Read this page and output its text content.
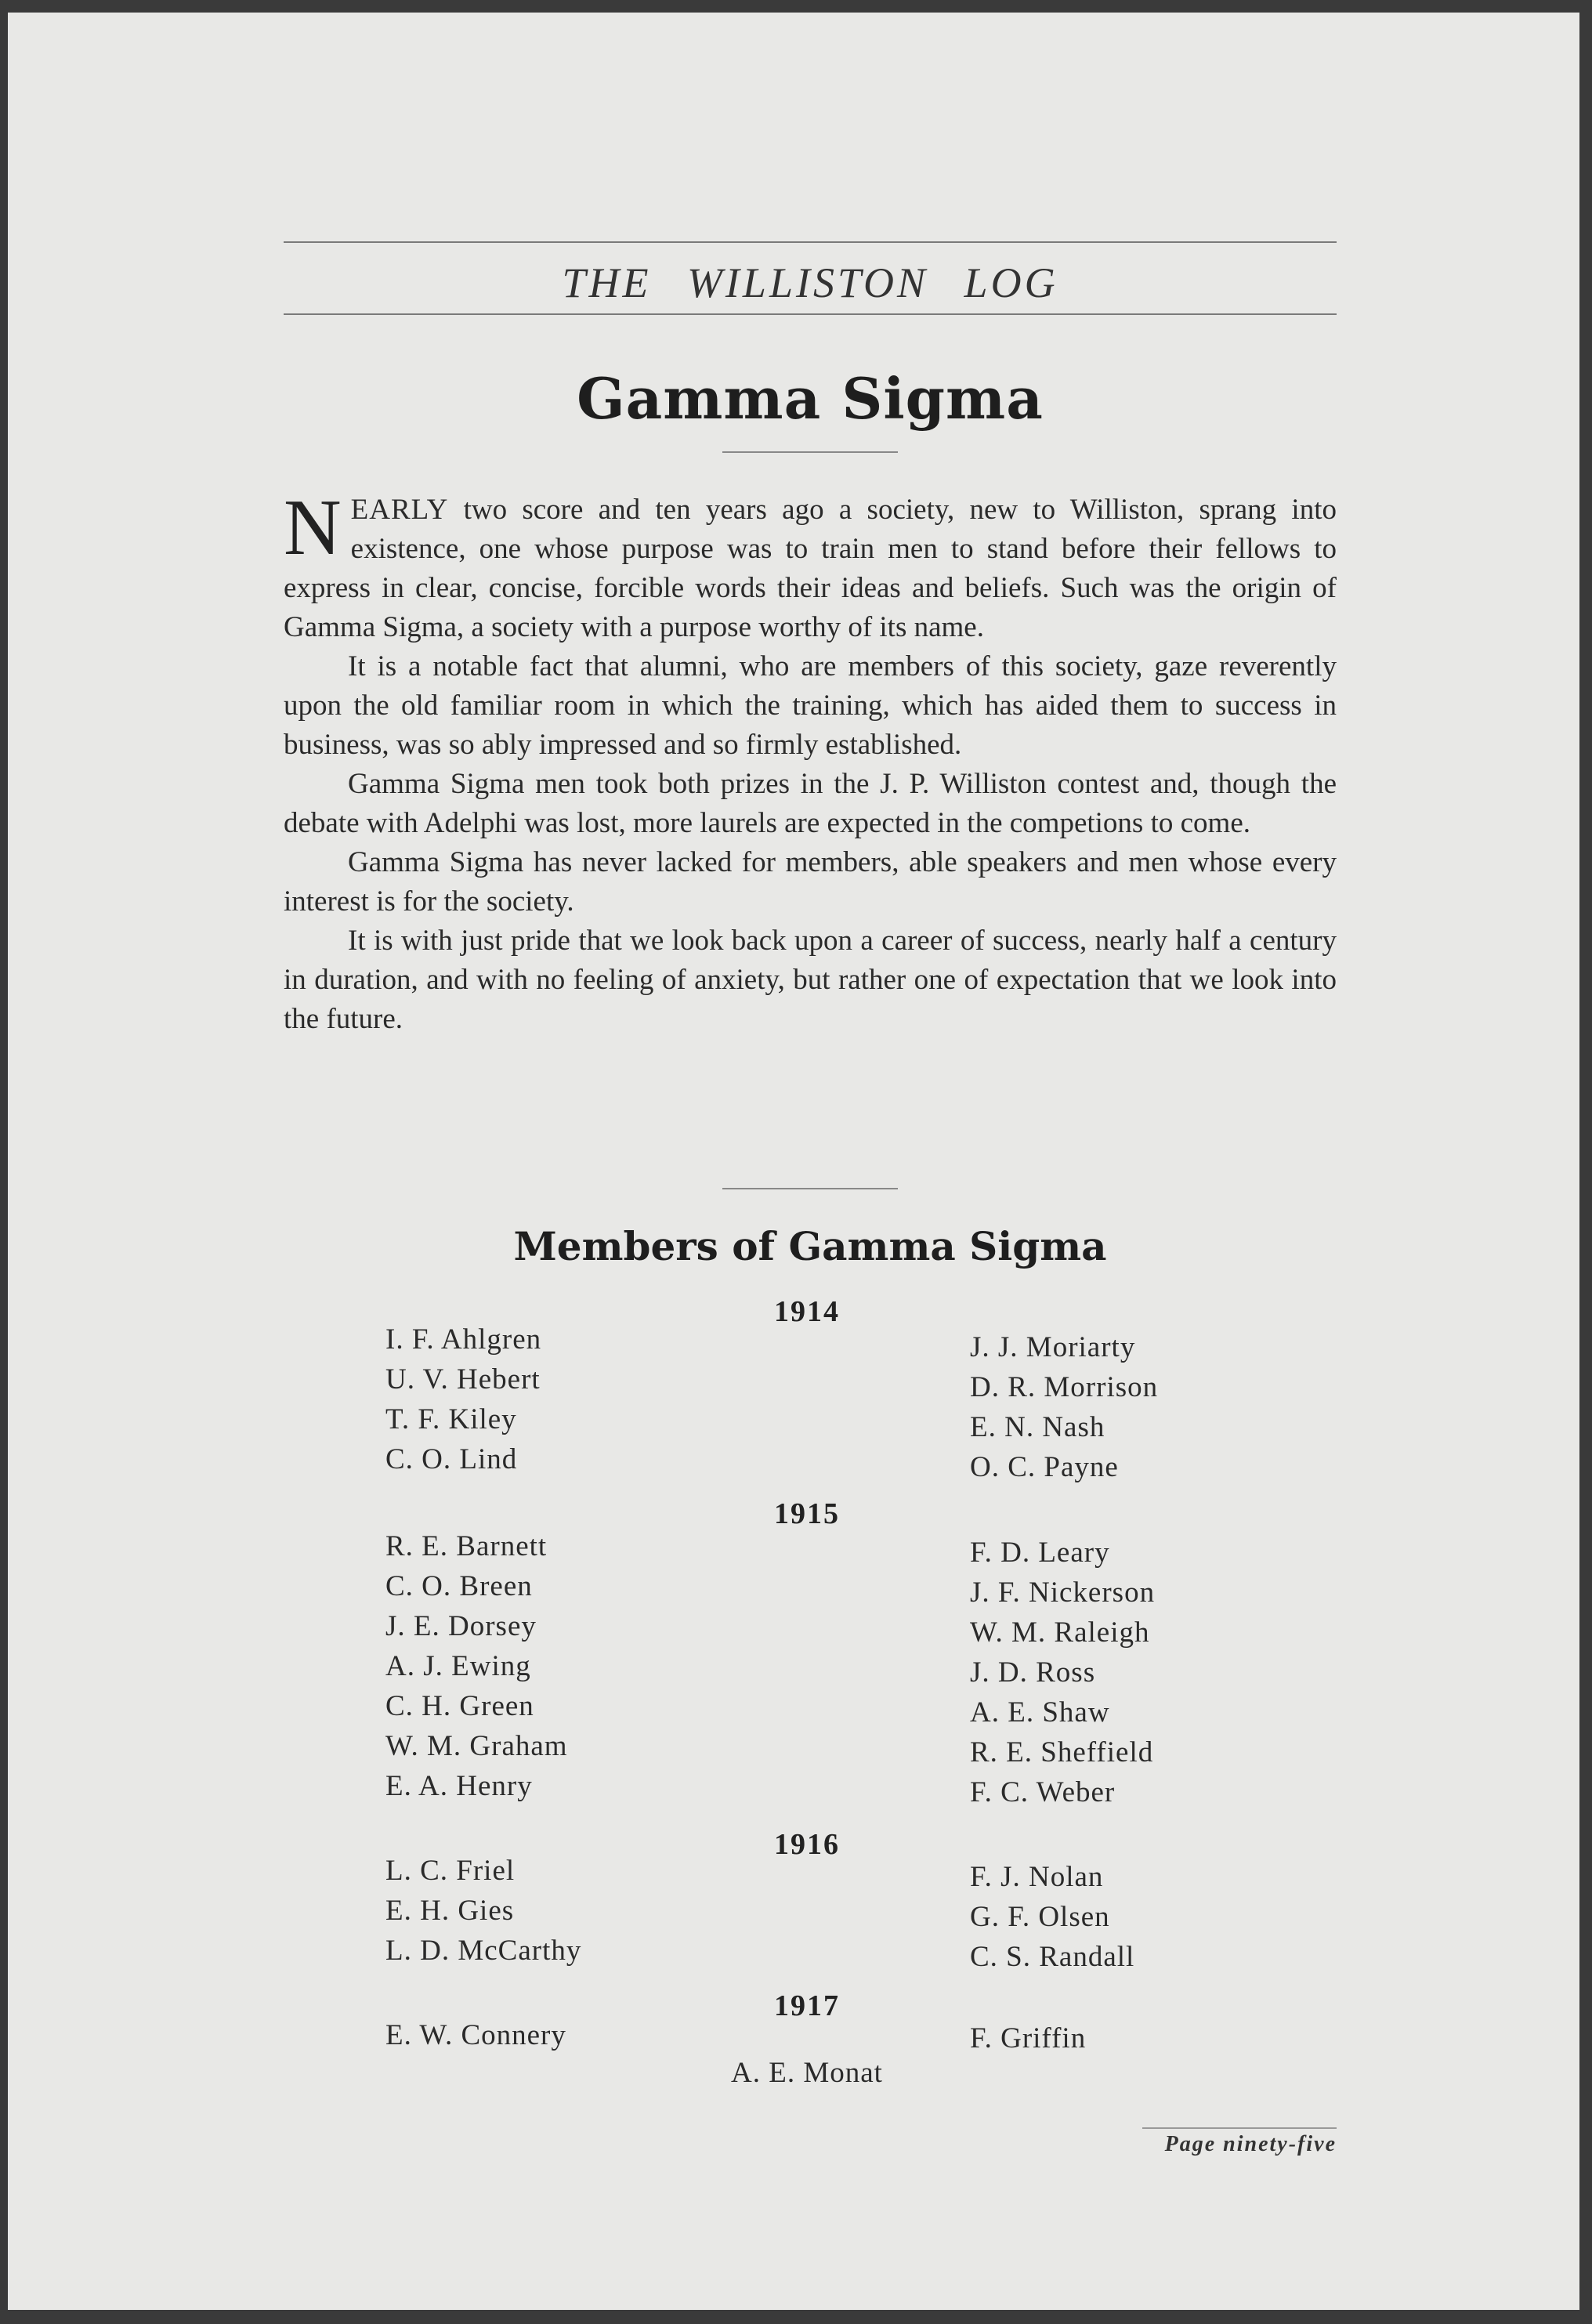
THE WILLISTON LOG
Gamma Sigma

NEARLY two score and ten years ago a society, new to Williston, sprang into existence, one whose purpose was to train men to stand before their fellows to express in clear, concise, forcible words their ideas and beliefs. Such was the origin of Gamma Sigma, a society with a purpose worthy of its name.

It is a notable fact that alumni, who are members of this society, gaze reverently upon the old familiar room in which the training, which has aided them to success in business, was so ably impressed and so firmly established.

Gamma Sigma men took both prizes in the J. P. Williston contest and, though the debate with Adelphi was lost, more laurels are expected in the competions to come.

Gamma Sigma has never lacked for members, able speakers and men whose every interest is for the society.

It is with just pride that we look back upon a career of success, nearly half a century in duration, and with no feeling of anxiety, but rather one of expectation that we look into the future.

Members of Gamma Sigma
1914
I. F. Ahlgren
U. V. Hebert
T. F. Kiley
C. O. Lind
J. J. Moriarty
D. R. Morrison
E. N. Nash
O. C. Payne
1915
R. E. Barnett
C. O. Breen
J. E. Dorsey
A. J. Ewing
C. H. Green
W. M. Graham
E. A. Henry
F. D. Leary
J. F. Nickerson
W. M. Raleigh
J. D. Ross
A. E. Shaw
R. E. Sheffield
F. C. Weber
1916
L. C. Friel
E. H. Gies
L. D. McCarthy
F. J. Nolan
G. F. Olsen
C. S. Randall
1917
E. W. Connery	F. Griffin
A. E. Monat
Page ninety-five
